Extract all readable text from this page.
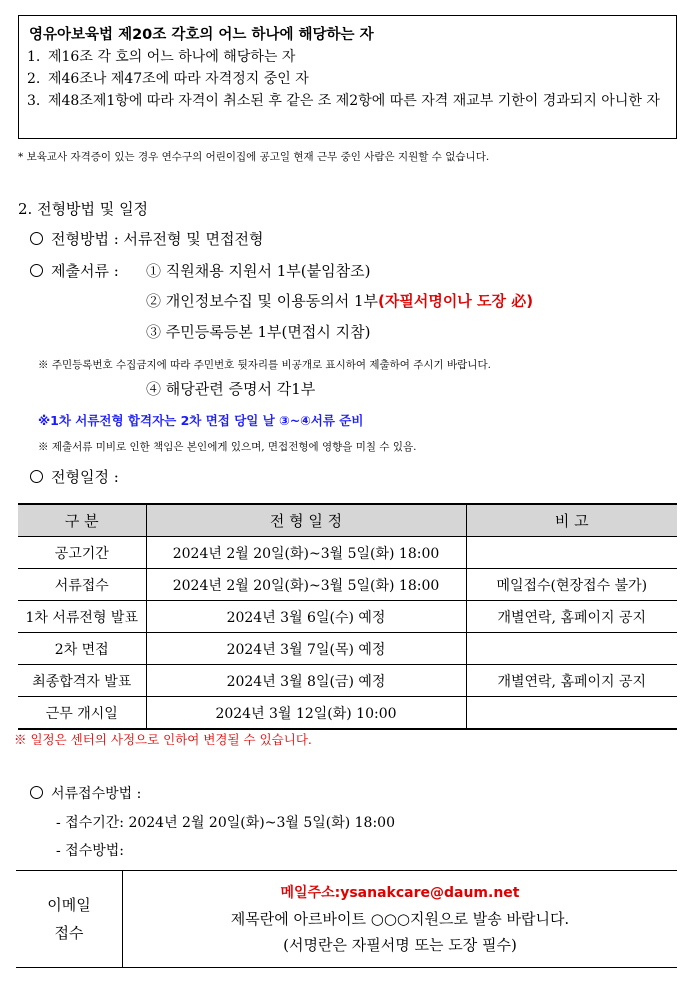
영유아보육법 제20조 각호의 어느 하나에 해당하는 자
1. 제16조 각 호의 어느 하나에 해당하는 자
2. 제46조나 제47조에 따라 자격정지 중인 자
3. 제48조제1항에 따라 자격이 취소된 후 같은 조 제2항에 따른 자격 재교부 기한이 경과되지 아니한 자
* 보육교사 자격증이 있는 경우 연수구의 어린이집에 공고일 현재 근무 중인 사람은 지원할 수 없습니다.
2. 전형방법 및 일정
전형방법 : 서류전형 및 면접전형
제출서류 : ① 직원채용 지원서 1부(붙임참조)
② 개인정보수집 및 이용동의서 1부(자필서명이나 도장 必)
③ 주민등록등본 1부(면접시 지참)
※ 주민등록번호 수집금지에 따라 주민번호 뒷자리를 비공개로 표시하여 제출하여 주시기 바랍니다.
④ 해당관련 증명서 각1부
※1차 서류전형 합격자는 2차 면접 당일 날 ③~④서류 준비
※ 제출서류 미비로 인한 책임은 본인에게 있으며, 면접전형에 영향을 미칠 수 있음.
전형일정 :
구 분	전 형 일 정	비 고
공고기간	2024년 2월 20일(화)~3월 5일(화) 18:00	
서류접수	2024년 2월 20일(화)~3월 5일(화) 18:00	메일접수(현장접수 불가)
1차 서류전형 발표	2024년 3월 6일(수) 예정	개별연락, 홈페이지 공지
2차 면접	2024년 3월 7일(목) 예정	
최종합격자 발표	2024년 3월 8일(금) 예정	개별연락, 홈페이지 공지
근무 개시일	2024년 3월 12일(화) 10:00	
※ 일정은 센터의 사정으로 인하여 변경될 수 있습니다.
서류접수방법 :
- 접수기간: 2024년 2월 20일(화)~3월 5일(화) 18:00
- 접수방법:
이메일
접수

메일주소:ysanakcare@daum.net
제목란에 아르바이트 ○○○지원으로 발송 바랍니다.
(서명란은 자필서명 또는 도장 필수)
